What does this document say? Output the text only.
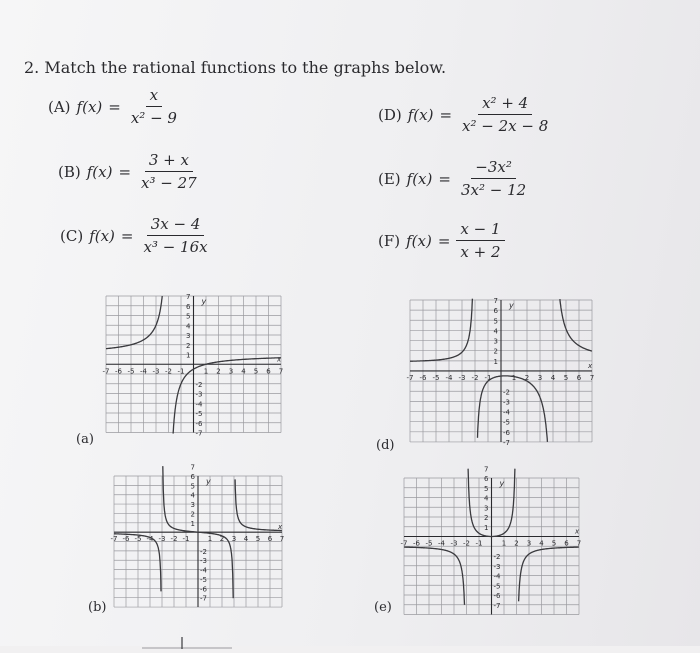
2. Match the rational functions to the graphs below.
(A) $f(x) = \frac{x}{\text{x² − 9}}$
(B) $f(x) = \frac{3 + x}{\text{x³ − 27}}$
(C) $f(x) = \frac{3x - 4}{\text{x³ − 16x}}$
(D) $f(x) = \frac{\text{x² + 4}}{\text{x² − 2x − 8}}$
(E) $f(x) = \frac{\text{−3x²}}{\text{3x² − 12}}$
(F) $f(x) = \frac{x - 1}{x + 2}$
-7 -6 -5 -4 -3 -2 -1	1 2 3 4 5 6 7
7
6
5
4
3
2
1
-2
-3
-4
-5
-6
-7
x
y
(a)
-7 -6 -5 -4 -3 -2 -1	1 2 3 4 5 6 7
7
6
5
4
3
2
1
-2
-3
-4
-5
-6
-7
x
y
(d)
-7 -6 -5 -4 -3 -2 -1	1 2 3 4 5 6 7
7
6
5
4
3
2
1
-2
-3
-4
-5
-6
-7
x
y
(b)
-7 -6 -5 -4 -3 -2 -1	1 2 3 4 5 6 7
7
6
5
4
3
2
1
-2
-3
-4
-5
-6
-7
x
y
(e)
